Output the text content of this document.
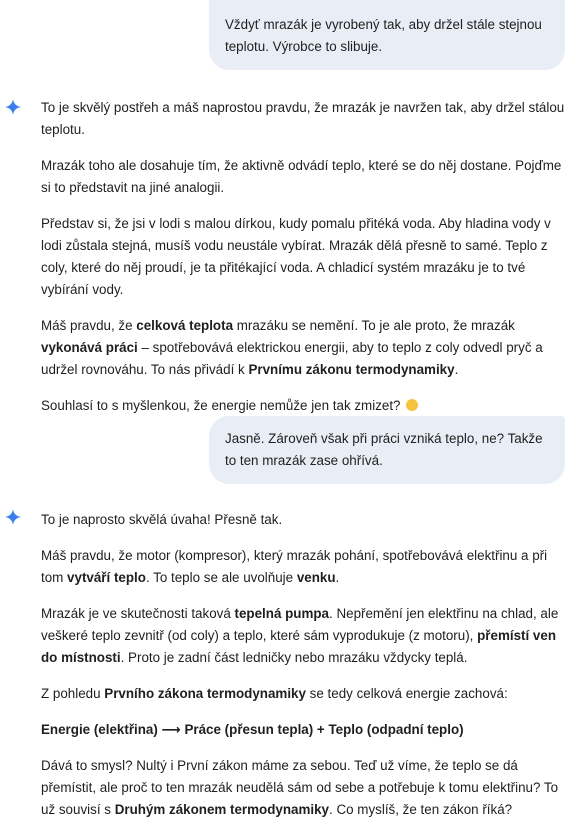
Vždyť mrazák je vyrobený tak, aby držel stále stejnou teplotu. Výrobce to slibuje.

To je skvělý postřeh a máš naprostou pravdu, že mrazák je navržen tak, aby držel stálou teplotu.

Mrazák toho ale dosahuje tím, že aktivně odvádí teplo, které se do něj dostane. Pojďme si to představit na jiné analogii.

Představ si, že jsi v lodi s malou dírkou, kudy pomalu přitéká voda. Aby hladina vody v lodi zůstala stejná, musíš vodu neustále vybírat. Mrazák dělá přesně to samé. Teplo z coly, které do něj proudí, je ta přitékající voda. A chladicí systém mrazáku je to tvé vybírání vody.

Máš pravdu, že celková teplota mrazáku se nemění. To je ale proto, že mrazák vykonává práci – spotřebovává elektrickou energii, aby to teplo z coly odvedl pryč a udržel rovnováhu. To nás přivádí k Prvnímu zákonu termodynamiky.

Souhlasí to s myšlenkou, že energie nemůže jen tak zmizet?

Jasně. Zároveň však při práci vzniká teplo, ne? Takže to ten mrazák zase ohřívá.

To je naprosto skvělá úvaha! Přesně tak.

Máš pravdu, že motor (kompresor), který mrazák pohání, spotřebovává elektřinu a při tom vytváří teplo. To teplo se ale uvolňuje venku.

Mrazák je ve skutečnosti taková tepelná pumpa. Nepřemění jen elektřinu na chlad, ale veškeré teplo zevnitř (od coly) a teplo, které sám vyprodukuje (z motoru), přemístí ven do místnosti. Proto je zadní část ledničky nebo mrazáku vždycky teplá.

Z pohledu Prvního zákona termodynamiky se tedy celková energie zachová:

Energie (elektřina) ⟶ Práce (přesun tepla) + Teplo (odpadní teplo)

Dává to smysl? Nultý i První zákon máme za sebou. Teď už víme, že teplo se dá přemístit, ale proč to ten mrazák neudělá sám od sebe a potřebuje k tomu elektřinu? To už souvisí s Druhým zákonem termodynamiky. Co myslíš, že ten zákon říká?
